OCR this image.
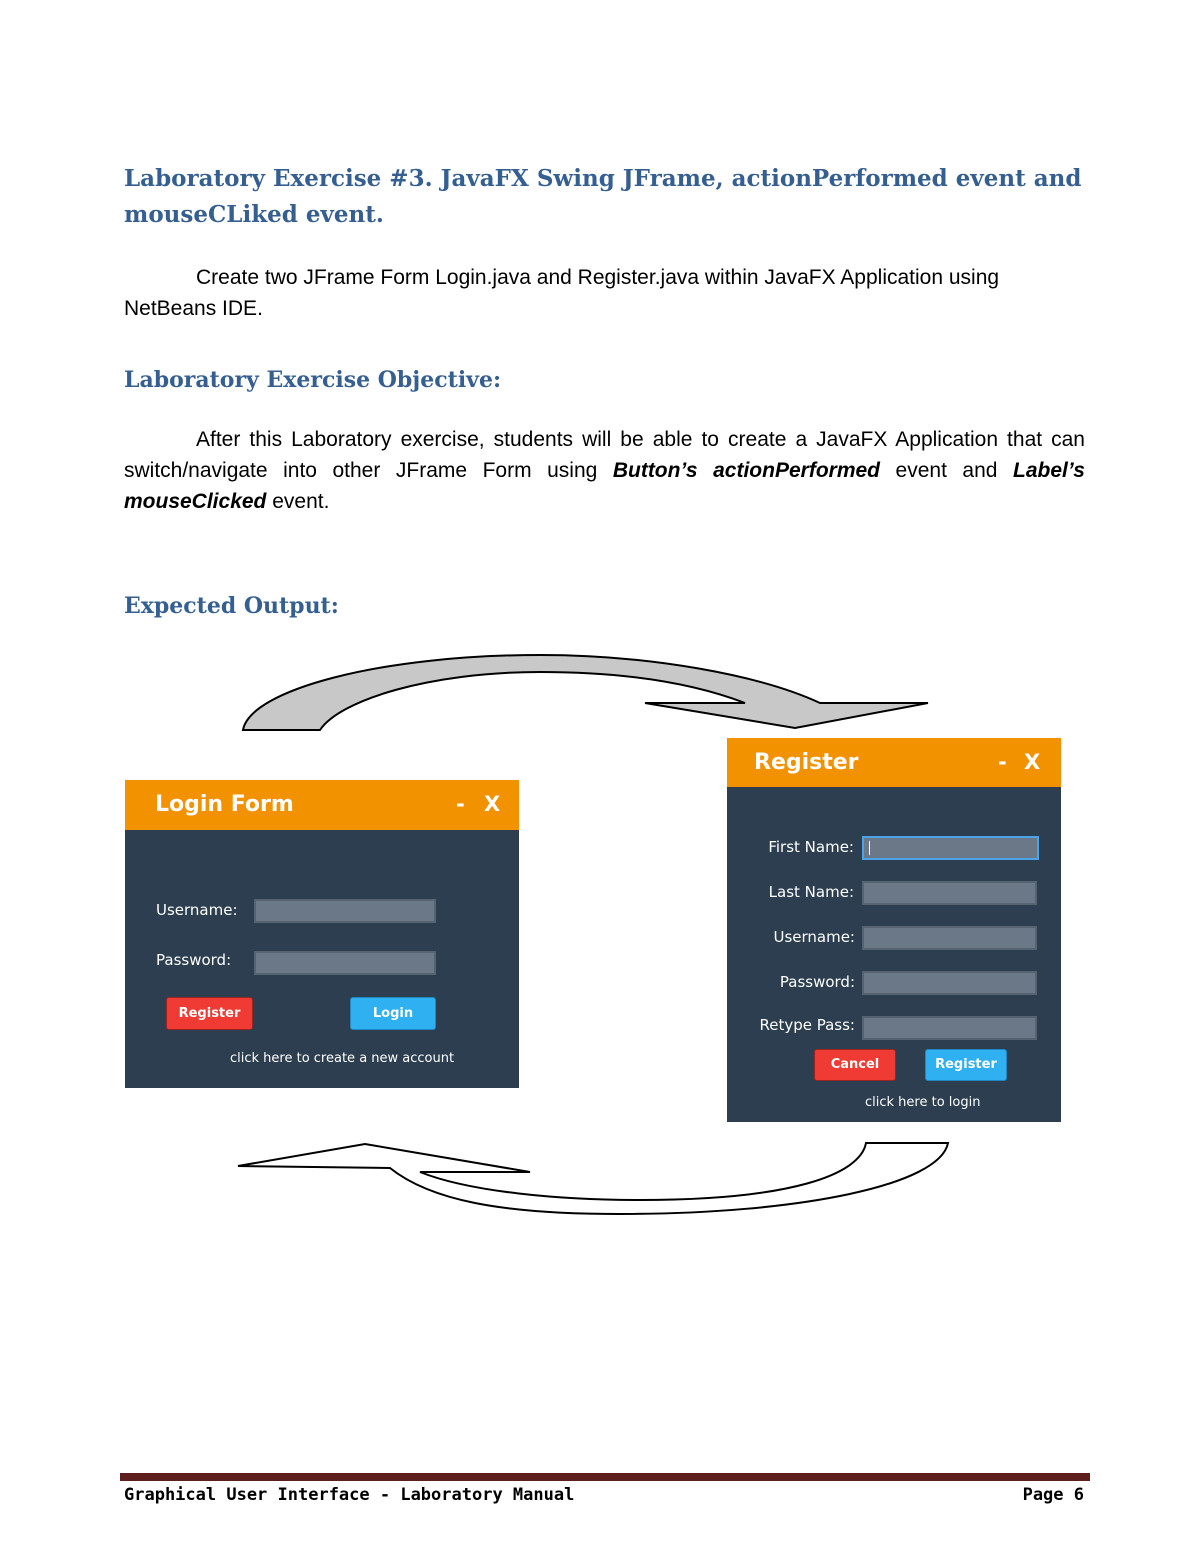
Laboratory Exercise #3. JavaFX Swing JFrame, actionPerformed event and
mouseCLiked event.

Create two JFrame Form Login.java and Register.java within JavaFX Application using
NetBeans IDE.

Laboratory Exercise Objective:

After this Laboratory exercise, students will be able to create a JavaFX Application that can switch/navigate into other JFrame Form using Button’s actionPerformed event and Label’s mouseClicked event.

Expected Output:
Login Form	- X
Username:
Password:
Register	Login
click here to create a new account
Register	- X
First Name:
Last Name:
Username:
Password:
Retype Pass:
Cancel	Register
click here to login
Graphical User Interface - Laboratory Manual	Page 6
